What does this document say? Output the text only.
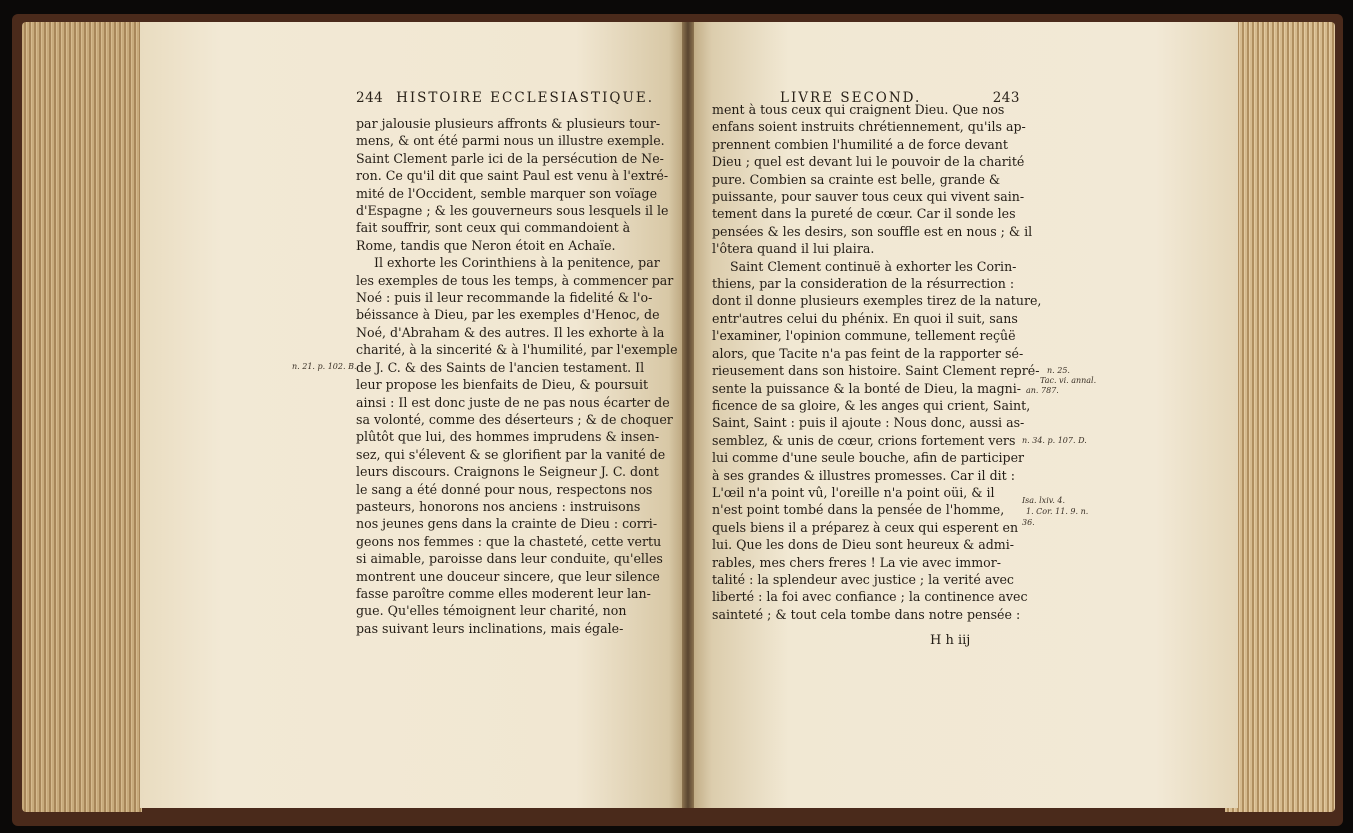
244 HISTOIRE ECCLESIASTIQUE.	LIVRE SECOND.	243

par jalousie plusieurs affronts & plusieurs tour-

mens, & ont été parmi nous un illustre exemple.

Saint Clement parle ici de la persécution de Ne-

ron. Ce qu'il dit que saint Paul est venu à l'extré-

mité de l'Occident, semble marquer son voïage

d'Espagne ; & les gouverneurs sous lesquels il le

fait souffrir, sont ceux qui commandoient à

Rome, tandis que Neron étoit en Achaïe.

Il exhorte les Corinthiens à la penitence, par

les exemples de tous les temps, à commencer par

Noé : puis il leur recommande la fidelité & l'o-

béissance à Dieu, par les exemples d'Henoc, de

Noé, d'Abraham & des autres. Il les exhorte à la

charité, à la sincerité & à l'humilité, par l'exemple

de J. C. & des Saints de l'ancien testament. Il

leur propose les bienfaits de Dieu, & poursuit

ainsi : Il est donc juste de ne pas nous écarter de

sa volonté, comme des déserteurs ; & de choquer

plûtôt que lui, des hommes imprudens & insen-

sez, qui s'élevent & se glorifient par la vanité de

leurs discours. Craignons le Seigneur J. C. dont

le sang a été donné pour nous, respectons nos

pasteurs, honorons nos anciens : instruisons

nos jeunes gens dans la crainte de Dieu : corri-

geons nos femmes : que la chasteté, cette vertu

si aimable, paroisse dans leur conduite, qu'elles

montrent une douceur sincere, que leur silence

fasse paroître comme elles moderent leur lan-

gue. Qu'elles témoignent leur charité, non

pas suivant leurs inclinations, mais égale-

n. 21. p. 102. B.

ment à tous ceux qui craignent Dieu. Que nos

enfans soient instruits chrétiennement, qu'ils ap-

prennent combien l'humilité a de force devant

Dieu ; quel est devant lui le pouvoir de la charité

pure. Combien sa crainte est belle, grande &

puissante, pour sauver tous ceux qui vivent sain-

tement dans la pureté de cœur. Car il sonde les

pensées & les desirs, son souffle est en nous ; & il

l'ôtera quand il lui plaira.

Saint Clement continuë à exhorter les Corin-

thiens, par la consideration de la résurrection :

dont il donne plusieurs exemples tirez de la nature,

entr'autres celui du phénix. En quoi il suit, sans

l'examiner, l'opinion commune, tellement reçûë

alors, que Tacite n'a pas feint de la rapporter sé-

rieusement dans son histoire. Saint Clement repré-

sente la puissance & la bonté de Dieu, la magni-

ficence de sa gloire, & les anges qui crient, Saint,

Saint, Saint : puis il ajoute : Nous donc, aussi as-

semblez, & unis de cœur, crions fortement vers

lui comme d'une seule bouche, afin de participer

à ses grandes & illustres promesses. Car il dit :

L'œil n'a point vû, l'oreille n'a point oüi, & il

n'est point tombé dans la pensée de l'homme,

quels biens il a préparez à ceux qui esperent en

lui. Que les dons de Dieu sont heureux & admi-

rables, mes chers freres ! La vie avec immor-

talité : la splendeur avec justice ; la verité avec

liberté : la foi avec confiance ; la continence avec

sainteté ; & tout cela tombe dans notre pensée :

n. 25.
Tac. vi. annal.
an. 787.
n. 34. p. 107. D.
Isa. lxiv. 4.
1. Cor. 11. 9. n.
36.
H h iij
